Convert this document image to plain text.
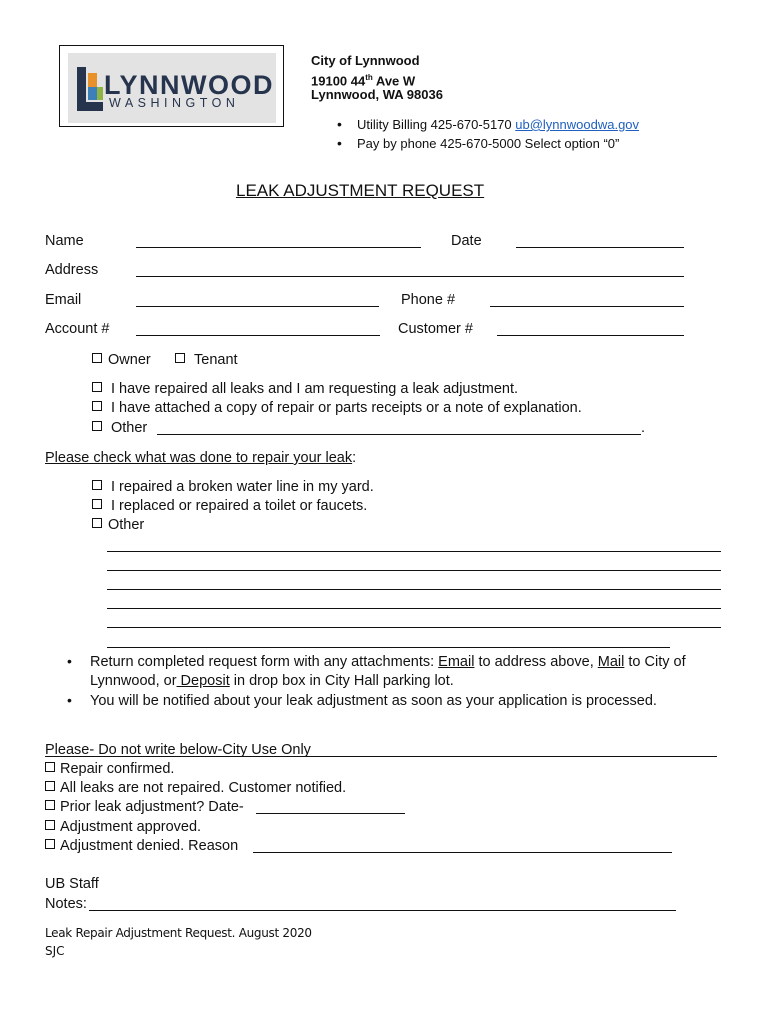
LYNNWOOD
WASHINGTON
City of Lynnwood
19100 44th Ave W
Lynnwood, WA 98036
• Utility Billing 425-670-5170 ub@lynnwoodwa.gov
• Pay by phone 425-670-5000 Select option “0”
LEAK ADJUSTMENT REQUEST
Name	Date
Address
Email	Phone #
Account #	Customer #
Owner	Tenant
I have repaired all leaks and I am requesting a leak adjustment.
I have attached a copy of repair or parts receipts or a note of explanation.
Other	.
Please check what was done to repair your leak:
I repaired a broken water line in my yard.
I replaced or repaired a toilet or faucets.
Other
• Return completed request form with any attachments: Email to address above, Mail to City of
Lynnwood, or Deposit in drop box in City Hall parking lot.
• You will be notified about your leak adjustment as soon as your application is processed.
Please- Do not write below-City Use Only
Repair confirmed.
All leaks are not repaired. Customer notified.
Prior leak adjustment? Date-
Adjustment approved.
Adjustment denied. Reason
UB Staff
Notes:
Leak Repair Adjustment Request. August 2020
SJC
